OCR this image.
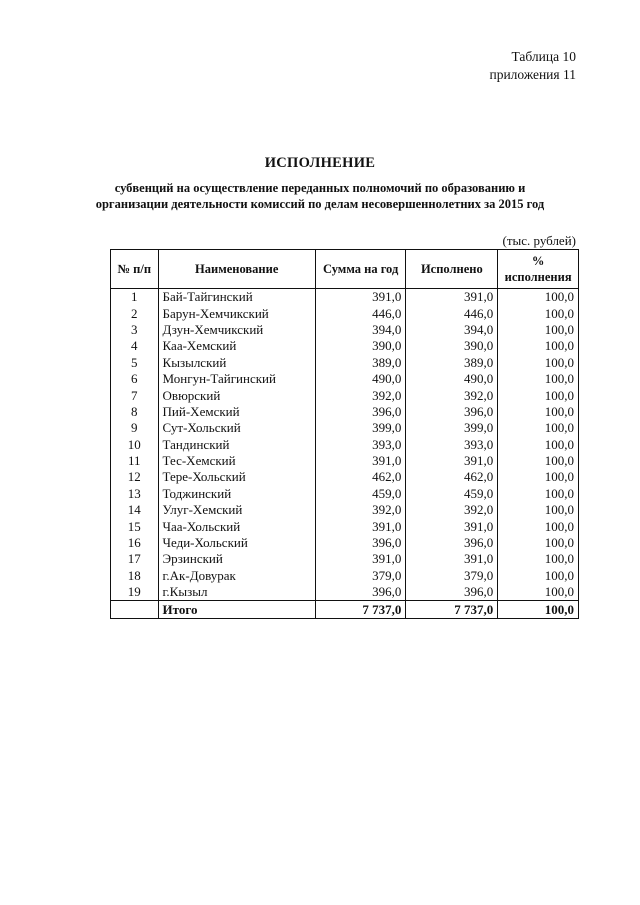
Таблица 10
приложения 11
ИСПОЛНЕНИЕ
субвенций на осуществление переданных полномочий по образованию и
организации деятельности комиссий по делам несовершеннолетних за 2015 год
(тыс. рублей)
№ п/п	Наименование	Сумма на год	Исполнено	%
исполнения

1	Бай-Тайгинский	391,0	391,0	100,0
2	Барун-Хемчикский	446,0	446,0	100,0
3	Дзун-Хемчикский	394,0	394,0	100,0
4	Каа-Хемский	390,0	390,0	100,0
5	Кызылский	389,0	389,0	100,0
6	Монгун-Тайгинский	490,0	490,0	100,0
7	Овюрский	392,0	392,0	100,0
8	Пий-Хемский	396,0	396,0	100,0
9	Сут-Хольский	399,0	399,0	100,0
10	Тандинский	393,0	393,0	100,0
11	Тес-Хемский	391,0	391,0	100,0
12	Тере-Хольский	462,0	462,0	100,0
13	Тоджинский	459,0	459,0	100,0
14	Улуг-Хемский	392,0	392,0	100,0
15	Чаа-Хольский	391,0	391,0	100,0
16	Чеди-Хольский	396,0	396,0	100,0
17	Эрзинский	391,0	391,0	100,0
18	г.Ак-Довурак	379,0	379,0	100,0
19	г.Кызыл	396,0	396,0	100,0
	Итого	7 737,0	7 737,0	100,0
